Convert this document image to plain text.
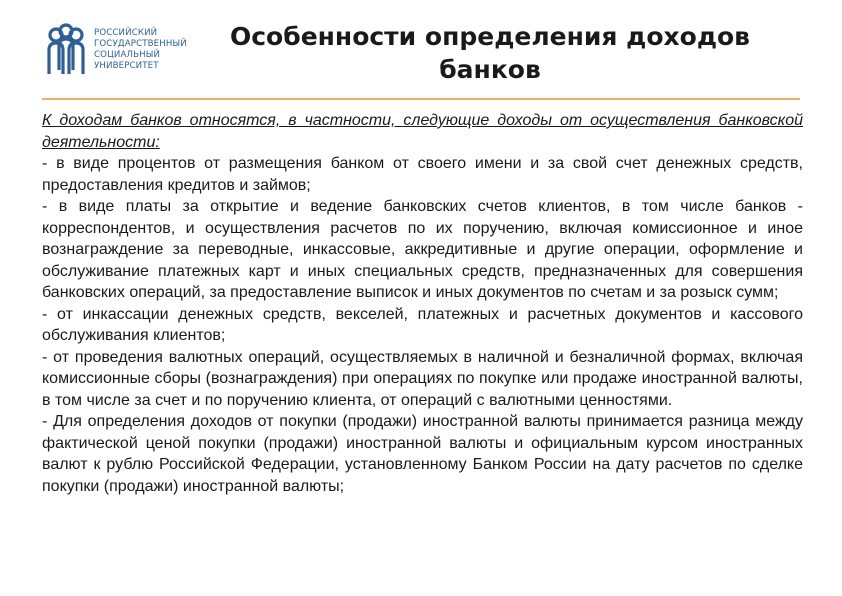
РОССИЙСКИЙ
ГОСУДАРСТВЕННЫЙ
СОЦИАЛЬНЫЙ
УНИВЕРСИТЕТ
Особенности определения доходов
банков

К доходам банков относятся, в частности, следующие доходы от осуществления банковской деятельности:

- в виде процентов от размещения банком от своего имени и за свой счет денежных средств, предоставления кредитов и займов;

- в виде платы за открытие и ведение банковских счетов клиентов, в том числе банков - корреспондентов, и осуществления расчетов по их поручению, включая комиссионное и иное вознаграждение за переводные, инкассовые, аккредитивные и другие операции, оформление и обслуживание платежных карт и иных специальных средств, предназначенных для совершения банковских операций, за предоставление выписок и иных документов по счетам и за розыск сумм;

- от инкассации денежных средств, векселей, платежных и расчетных документов и кассового обслуживания клиентов;

- от проведения валютных операций, осуществляемых в наличной и безналичной формах, включая комиссионные сборы (вознаграждения) при операциях по покупке или продаже иностранной валюты, в том числе за счет и по поручению клиента, от операций с валютными ценностями.

- Для определения доходов от покупки (продажи) иностранной валюты принимается разница между фактической ценой покупки (продажи) иностранной валюты и официальным курсом иностранных валют к рублю Российской Федерации, установленному Банком России на дату расчетов по сделке покупки (продажи) иностранной валюты;
